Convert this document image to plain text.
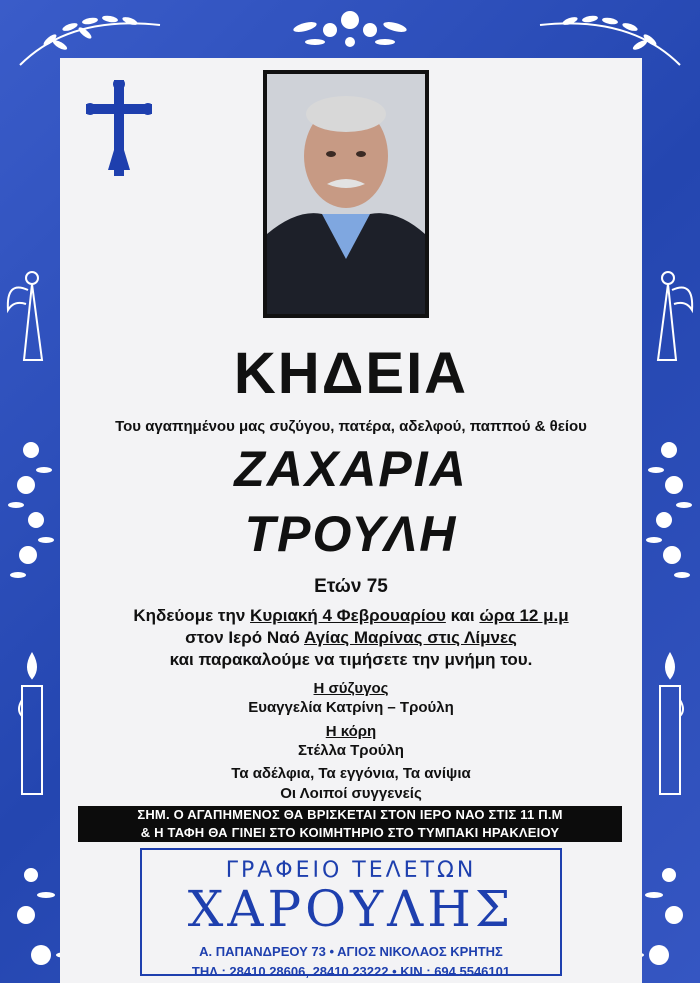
ΚΗΔΕΙΑ
Του αγαπημένου μας συζύγου, πατέρα, αδελφού, παππού & θείου
ΖΑΧΑΡΙΑ
ΤΡΟΥΛΗ
Ετών 75
Κηδεύομε την Κυριακή 4 Φεβρουαρίου και ώρα 12 μ.μ
στον Ιερό Ναό Αγίας Μαρίνας στις Λίμνες
και παρακαλούμε να τιμήσετε την μνήμη του.
Η σύζυγος
Ευαγγελία Κατρίνη – Τρούλη
Η κόρη
Στέλλα Τρούλη
Τα αδέλφια, Τα εγγόνια, Τα ανίψια
Οι Λοιποί συγγενείς
ΣΗΜ. Ο ΑΓΑΠΗΜΕΝΟΣ ΘΑ ΒΡΙΣΚΕΤΑΙ ΣΤΟΝ ΙΕΡΟ ΝΑΟ ΣΤΙΣ 11 Π.Μ
& Η ΤΑΦΗ ΘΑ ΓΙΝΕΙ ΣΤΟ ΚΟΙΜΗΤΗΡΙΟ ΣΤΟ ΤΥΜΠΑΚΙ ΗΡΑΚΛΕΙΟΥ
ΓΡΑΦΕΙΟ ΤΕΛΕΤΩΝ
ΧΑΡΟΥΛΗΣ
Α. ΠΑΠΑΝΔΡΕΟΥ 73 • ΑΓΙΟΣ ΝΙΚΟΛΑΟΣ ΚΡΗΤΗΣ
ΤΗΛ.: 28410 28606, 28410 23222 • ΚΙΝ.: 694 5546101
